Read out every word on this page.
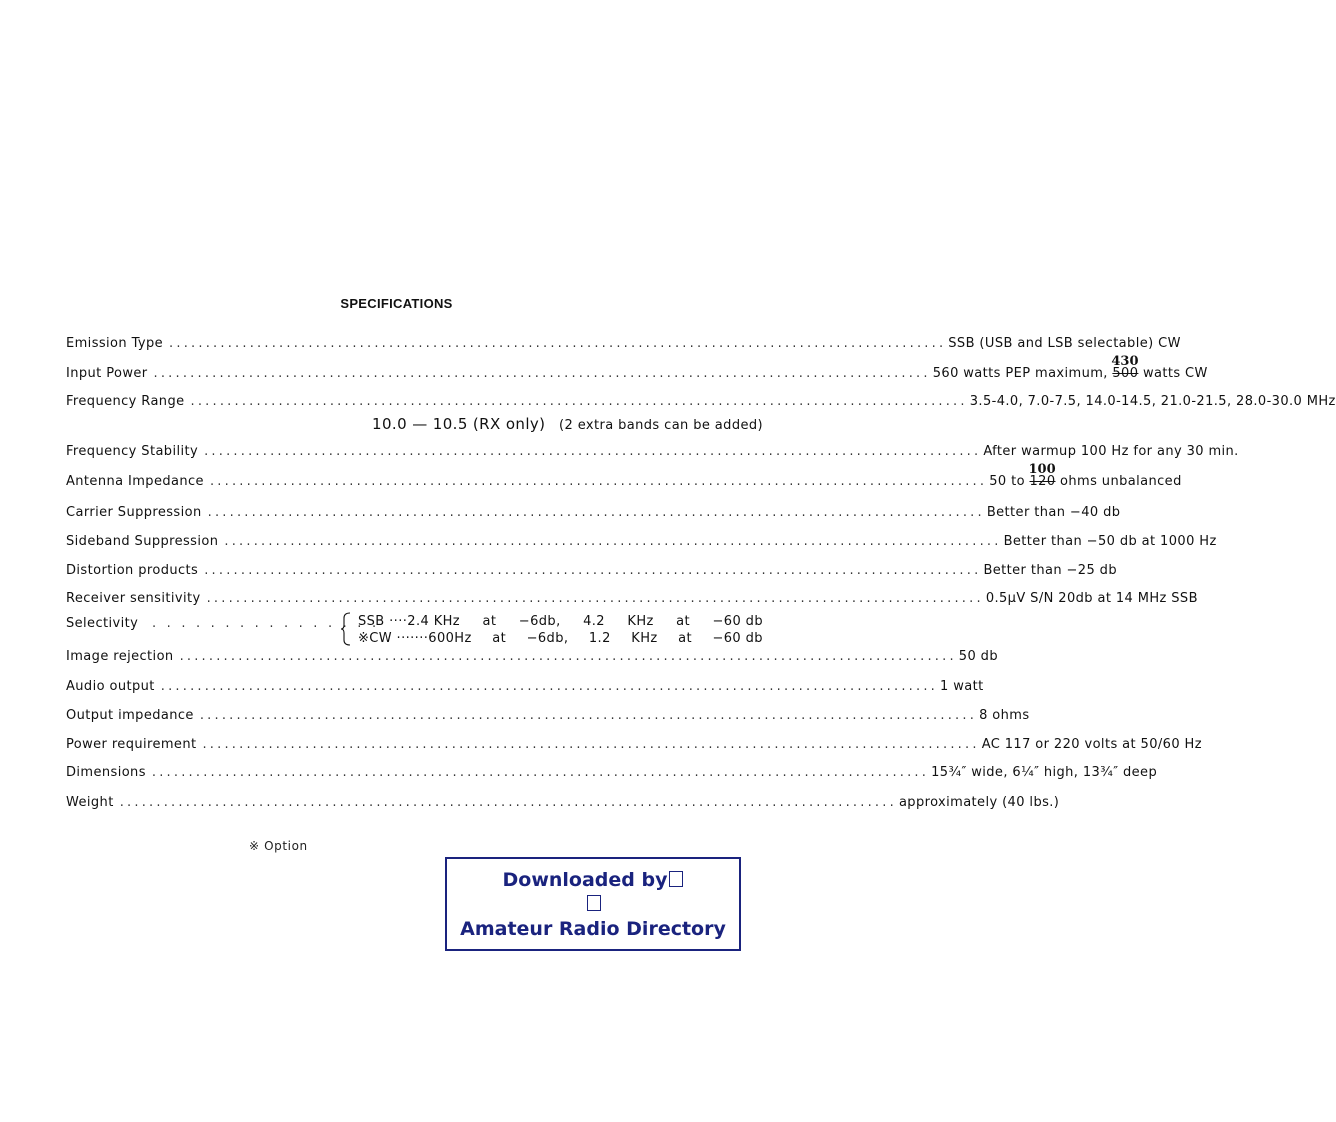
SPECIFICATIONS
Emission Type .......................................................................................................... SSB (USB and LSB selectable) CW
Input Power .......................................................................................................... 560 watts PEP maximum,
430
500 watts CW
Frequency Range .......................................................................................................... 3.5-4.0, 7.0-7.5, 14.0-14.5, 21.0-21.5, 28.0-30.0 MHz
10.0 — 10.5 (RX only) (2 extra bands can be added)
Frequency Stability .......................................................................................................... After warmup 100 Hz for any 30 min.
Antenna Impedance .......................................................................................................... 50 to
100
120 ohms unbalanced
Carrier Suppression .......................................................................................................... Better than −40 db
Sideband Suppression .......................................................................................................... Better than −50 db at 1000 Hz
Distortion products .......................................................................................................... Better than −25 db
Receiver sensitivity .......................................................................................................... 0.5μV S/N 20db at 14 MHz SSB
Selectivity . . . . . . . . . . . . . . . .
SSB ····2.4 KHz at −6db, 4.2 KHz at −60 db
※CW ·······600Hz at −6db, 1.2 KHz at −60 db
Image rejection .......................................................................................................... 50 db
Audio output .......................................................................................................... 1 watt
Output impedance .......................................................................................................... 8 ohms
Power requirement .......................................................................................................... AC 117 or 220 volts at 50/60 Hz
Dimensions .......................................................................................................... 15¾″ wide, 6¼″ high, 13¾″ deep
Weight .......................................................................................................... approximately (40 lbs.)
※ Option
Downloaded by
Amateur Radio Directory
